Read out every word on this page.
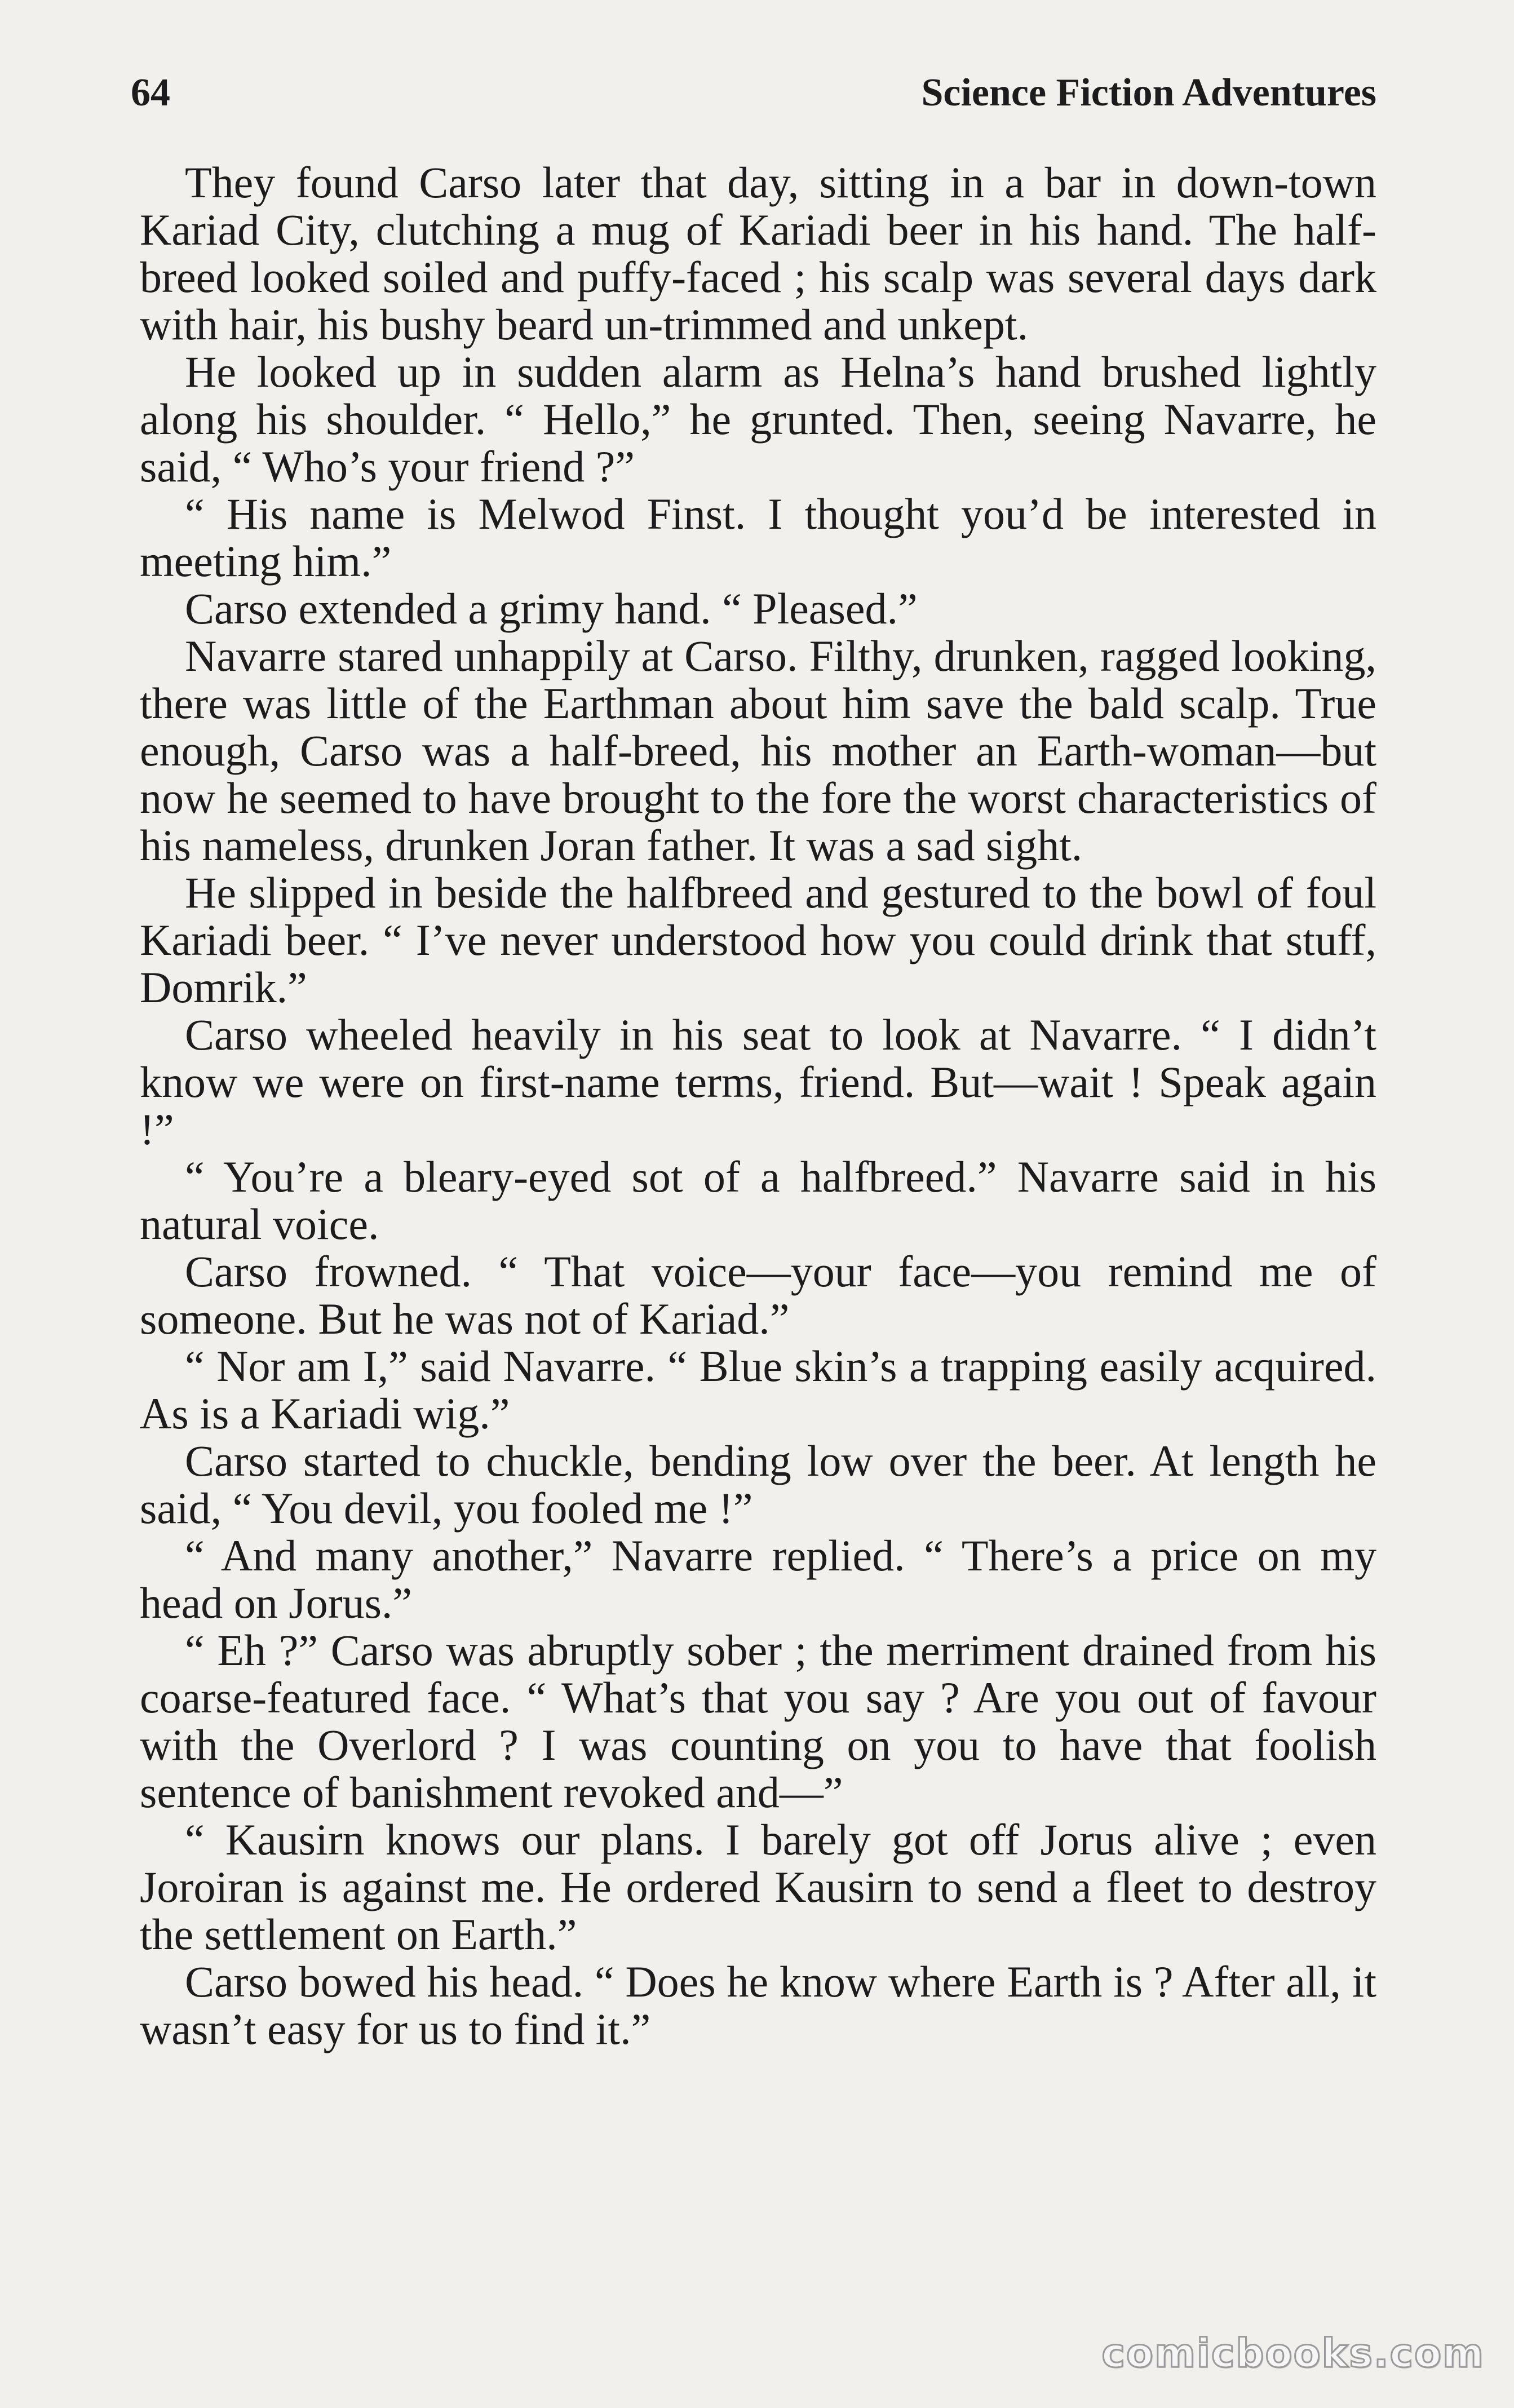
64	Science Fiction Adventures

They found Carso later that day, sitting in a bar in down-town Kariad City, clutching a mug of Kariadi beer in his hand. The half-breed looked soiled and puffy-faced ; his scalp was several days dark with hair, his bushy beard un-trimmed and unkept.

He looked up in sudden alarm as Helna’s hand brushed lightly along his shoulder. “ Hello,” he grunted. Then, seeing Navarre, he said, “ Who’s your friend ?”

“ His name is Melwod Finst. I thought you’d be interested in meeting him.”

Carso extended a grimy hand. “ Pleased.”

Navarre stared unhappily at Carso. Filthy, drunken, ragged looking, there was little of the Earthman about him save the bald scalp. True enough, Carso was a half-breed, his mother an Earth-woman—but now he seemed to have brought to the fore the worst characteristics of his nameless, drunken Joran father. It was a sad sight.

He slipped in beside the halfbreed and gestured to the bowl of foul Kariadi beer. “ I’ve never understood how you could drink that stuff, Domrik.”

Carso wheeled heavily in his seat to look at Navarre. “ I didn’t know we were on first-name terms, friend. But—wait ! Speak again !”

“ You’re a bleary-eyed sot of a halfbreed.” Navarre said in his natural voice.

Carso frowned. “ That voice—your face—you remind me of someone. But he was not of Kariad.”

“ Nor am I,” said Navarre. “ Blue skin’s a trapping easily acquired. As is a Kariadi wig.”

Carso started to chuckle, bending low over the beer. At length he said, “ You devil, you fooled me !”

“ And many another,” Navarre replied. “ There’s a price on my head on Jorus.”

“ Eh ?” Carso was abruptly sober ; the merriment drained from his coarse-featured face. “ What’s that you say ? Are you out of favour with the Overlord ? I was counting on you to have that foolish sentence of banishment revoked and—”

“ Kausirn knows our plans. I barely got off Jorus alive ; even Joroiran is against me. He ordered Kausirn to send a fleet to destroy the settlement on Earth.”

Carso bowed his head. “ Does he know where Earth is ? After all, it wasn’t easy for us to find it.”

comicbooks.com
